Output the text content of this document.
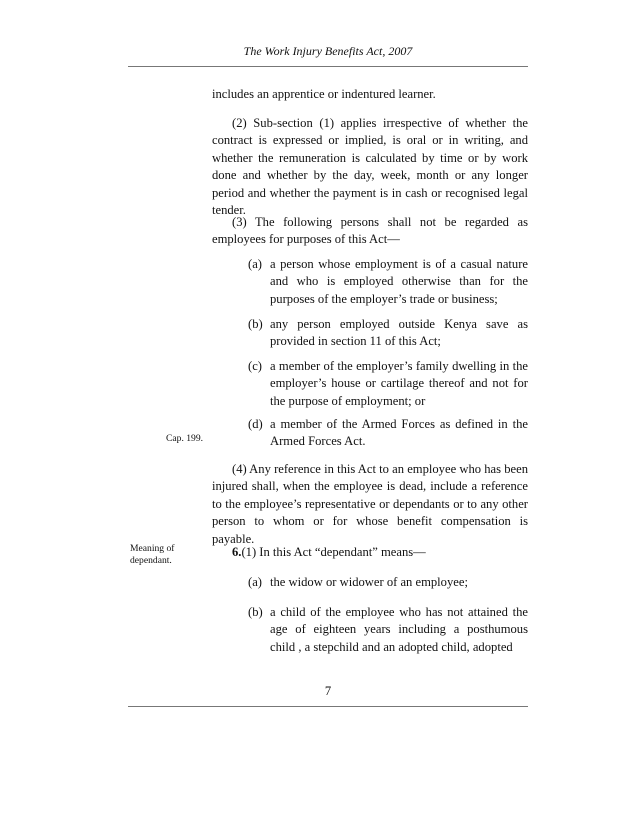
The Work Injury Benefits Act, 2007

includes an apprentice or indentured learner.

(2) Sub-section (1) applies irrespective of whether the contract is expressed or implied, is oral or in writing, and whether the remuneration is calculated by time or by work done and whether by the day, week, month or any longer period and whether the payment is in cash or recognised legal tender.

(3) The following persons shall not be regarded as employees for purposes of this Act―

(a) a person whose employment is of a casual nature and who is employed otherwise than for the purposes of the employer’s trade or business;
(b) any person employed outside Kenya save as provided in section 11 of this Act;
(c) a member of the employer’s family dwelling in the employer’s house or cartilage thereof and not for the purpose of employment; or
(d) a member of the Armed Forces as defined in the Armed Forces Act.
Cap. 199.

(4) Any reference in this Act to an employee who has been injured shall, when the employee is dead, include a reference to the employee’s representative or dependants or to any other person to whom or for whose benefit compensation is payable.

Meaning of dependant.

6.(1) In this Act “dependant” means―

(a) the widow or widower of an employee;
(b) a child of the employee who has not attained the age of eighteen years including a posthumous child , a stepchild and an adopted child, adopted
7
